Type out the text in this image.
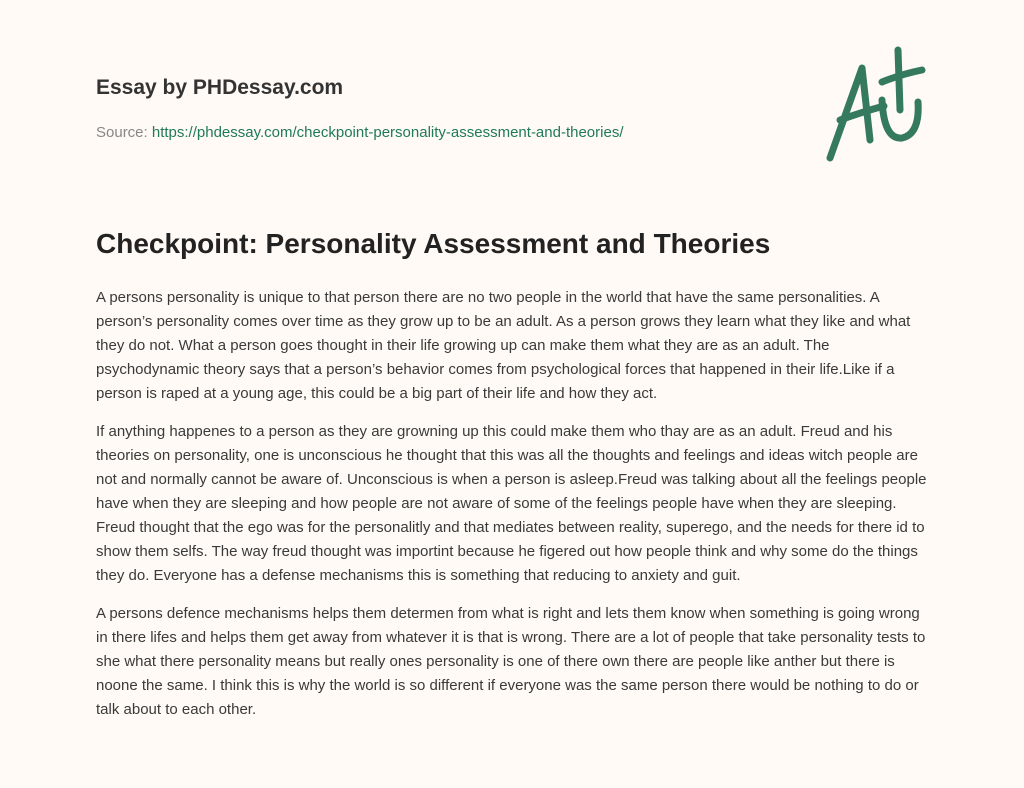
Essay by PHDessay.com
Source: https://phdessay.com/checkpoint-personality-assessment-and-theories/
Checkpoint: Personality Assessment and Theories

A persons personality is unique to that person there are no two people in the world that have the same personalities. A person’s personality comes over time as they grow up to be an adult. As a person grows they learn what they like and what they do not. What a person goes thought in their life growing up can make them what they are as an adult. The psychodynamic theory says that a person’s behavior comes from psychological forces that happened in their life.Like if a person is raped at a young age, this could be a big part of their life and how they act.

If anything happenes to a person as they are growning up this could make them who thay are as an adult. Freud and his theories on personality, one is unconscious he thought that this was all the thoughts and feelings and ideas witch people are not and normally cannot be aware of. Unconscious is when a person is asleep.Freud was talking about all the feelings people have when they are sleeping and how people are not aware of some of the feelings people have when they are sleeping. Freud thought that the ego was for the personalitly and that mediates between reality, superego, and the needs for there id to show them selfs. The way freud thought was importint because he figered out how people think and why some do the things they do. Everyone has a defense mechanisms this is something that reducing to anxiety and guit.

A persons defence mechanisms helps them determen from what is right and lets them know when something is going wrong in there lifes and helps them get away from whatever it is that is wrong. There are a lot of people that take personality tests to she what there personality means but really ones personality is one of there own there are people like anther but there is noone the same. I think this is why the world is so different if everyone was the same person there would be nothing to do or talk about to each other.
